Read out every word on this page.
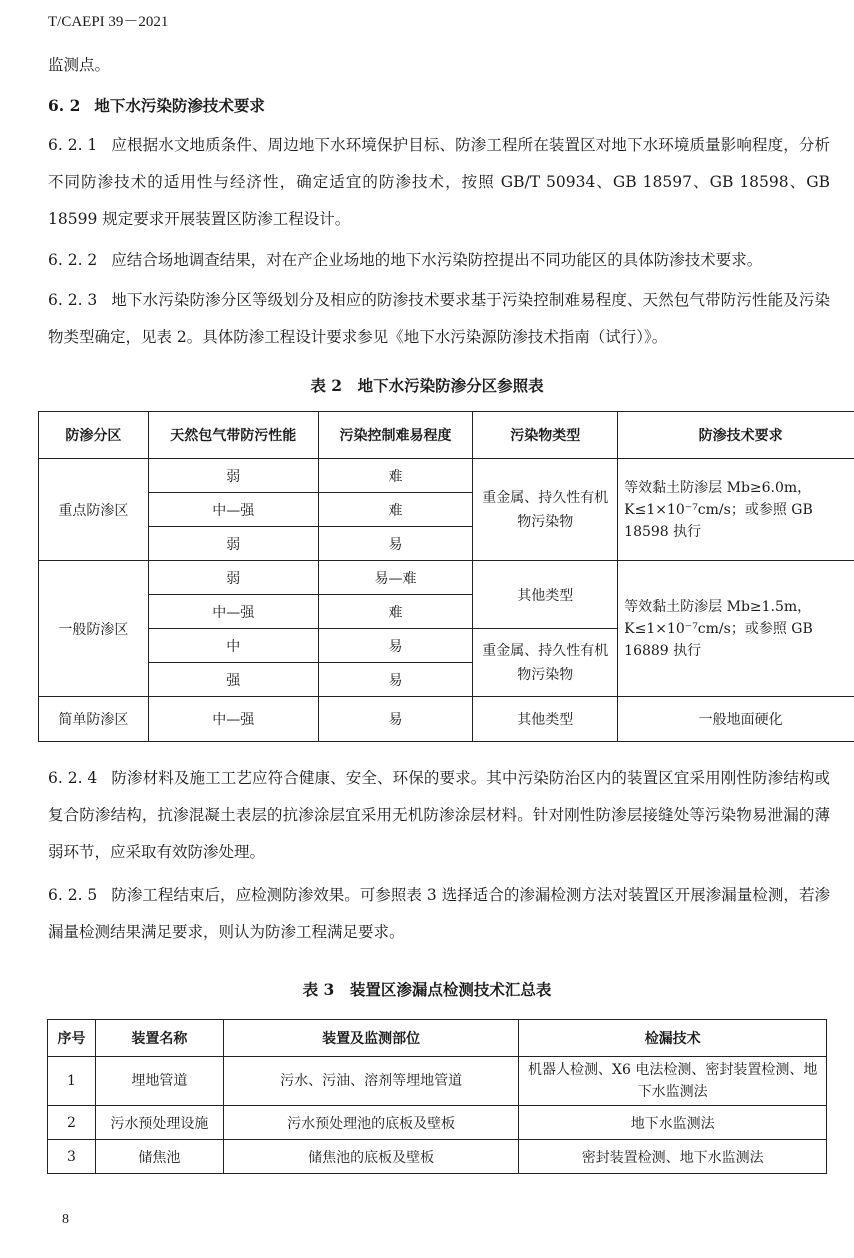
T/CAEPI 39－2021
监测点。
6. 2 地下水污染防渗技术要求
6. 2. 1 应根据水文地质条件、周边地下水环境保护目标、防渗工程所在装置区对地下水环境质量影响程度，分析不同防渗技术的适用性与经济性，确定适宜的防渗技术，按照 GB/T 50934、GB 18597、GB 18598、GB 18599 规定要求开展装置区防渗工程设计。
6. 2. 2 应结合场地调查结果，对在产企业场地的地下水污染防控提出不同功能区的具体防渗技术要求。
6. 2. 3 地下水污染防渗分区等级划分及相应的防渗技术要求基于污染控制难易程度、天然包气带防污性能及污染物类型确定，见表 2。具体防渗工程设计要求参见《地下水污染源防渗技术指南（试行）》。
表 2　地下水污染防渗分区参照表
防渗分区	天然包气带防污性能	污染控制难易程度	污染物类型	防渗技术要求
重点防渗区	弱	难	重金属、持久性有机物污染物	等效黏土防渗层 Mb≥6.0m，K≤1×10⁻⁷cm/s；或参照 GB 18598 执行
	中—强	难		
	弱	易		
一般防渗区	弱	易—难	其他类型	等效黏土防渗层 Mb≥1.5m，K≤1×10⁻⁷cm/s；或参照 GB 16889 执行
	中—强	难		
	中	易	重金属、持久性有机物污染物	
	强	易		
简单防渗区	中—强	易	其他类型	一般地面硬化
6. 2. 4 防渗材料及施工工艺应符合健康、安全、环保的要求。其中污染防治区内的装置区宜采用刚性防渗结构或复合防渗结构，抗渗混凝土表层的抗渗涂层宜采用无机防渗涂层材料。针对刚性防渗层接缝处等污染物易泄漏的薄弱环节，应采取有效防渗处理。
6. 2. 5 防渗工程结束后，应检测防渗效果。可参照表 3 选择适合的渗漏检测方法对装置区开展渗漏量检测，若渗漏量检测结果满足要求，则认为防渗工程满足要求。
表 3　装置区渗漏点检测技术汇总表
序号	装置名称	装置及监测部位	检漏技术
1	埋地管道	污水、污油、溶剂等埋地管道	机器人检测、X6 电法检测、密封装置检测、地下水监测法
2	污水预处理设施	污水预处理池的底板及壁板	地下水监测法
3	储焦池	储焦池的底板及壁板	密封装置检测、地下水监测法
8
